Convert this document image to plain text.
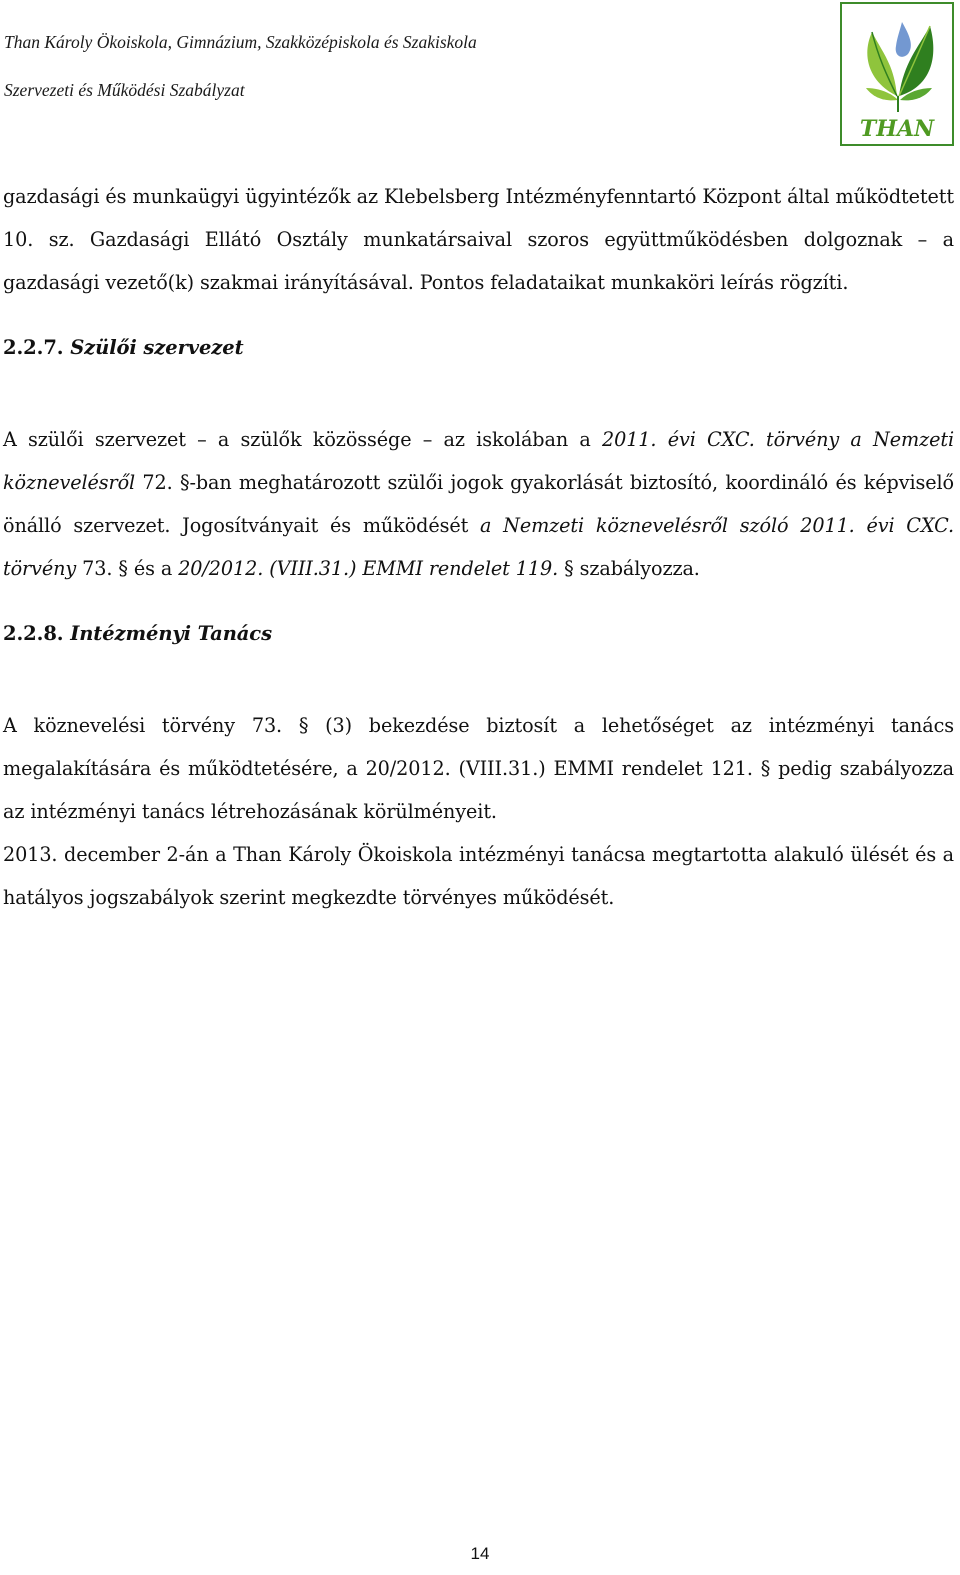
Than Károly Ökoiskola, Gimnázium, Szakközépiskola és Szakiskola
Szervezeti és Működési Szabályzat
THAN

gazdasági és munkaügyi ügyintézők az Klebelsberg Intézményfenntartó Központ által működtetett 10. sz. Gazdasági Ellátó Osztály munkatársaival szoros együttműködésben dolgoznak – a gazdasági vezető(k) szakmai irányításával. Pontos feladataikat munkaköri leírás rögzíti.

2.2.7. Szülői szervezet

A szülői szervezet – a szülők közössége – az iskolában a 2011. évi CXC. törvény a Nemzeti köznevelésről 72. §-ban meghatározott szülői jogok gyakorlását biztosító, koordináló és képviselő önálló szervezet. Jogosítványait és működését a Nemzeti köznevelésről szóló 2011. évi CXC. törvény 73. § és a 20/2012. (VIII.31.) EMMI rendelet 119. § szabályozza.

2.2.8. Intézményi Tanács

A köznevelési törvény 73. § (3) bekezdése biztosít a lehetőséget az intézményi tanács megalakítására és működtetésére, a 20/2012. (VIII.31.) EMMI rendelet 121. § pedig szabályozza az intézményi tanács létrehozásának körülményeit.

2013. december 2-án a Than Károly Ökoiskola intézményi tanácsa megtartotta alakuló ülését és a hatályos jogszabályok szerint megkezdte törvényes működését.

14
